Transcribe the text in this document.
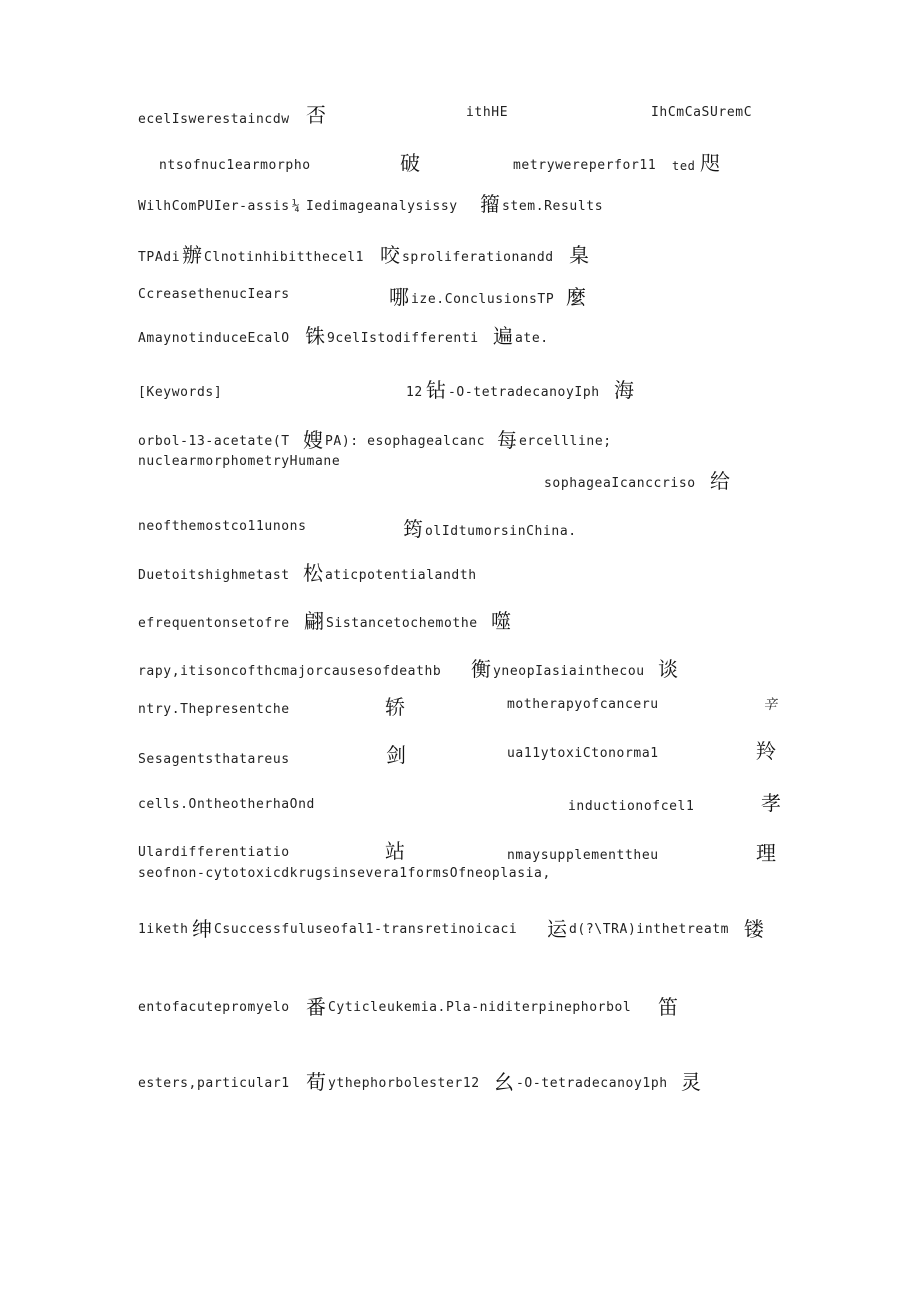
ecelIswerestaincdw 否	ithHE	IhCmCaSUremC
ntsofnuc1earmorpho	破	metrywereperfor11 ted 咫
WilhComPUIer-assis ¼ Iedimageanalysissy 籀 stem.Results
TPAdi 辦 Clnotinhibitthecel1 咬 sproliferationandd 臬
CcreasethenucIears	哪 ize.ConclusionsTP 麼
AmaynotinduceEcalO 铢 9celIstodifferenti 遍 ate.
[Keywords]	12 钻 -O-tetradecanoyIph 海
orbol-13-acetate(T 嫂 PA): esophagealcanc 每 ercellline;
nuclearmorphometryHumane
sophageaIcanccriso 给
neofthemostco11unons	筠 olIdtumorsinChina.
Duetoitshighmetast 松 aticpotentialandth
efrequentonsetofre 翩 Sistancetochemothe 噬
rapy,itisoncofthcmajorcausesofdeathb 衡 yneopIasiainthecou 谈
ntry.Thepresentche	轿	motherapyofcanceru	辛
Sesagentsthatareus	剑	ua11ytoxiCtonorma1	羚
cells.OntheotherhaOnd	inductionofcel1	孝
Ulardifferentiatio	站	nmaysupplementtheu	理
seofnon-cytotoxicdkrugsinsevera1formsOfneoplasia,
1iketh 绅 Csuccessfuluseofal1-transretinoicaci 运 d(?\TRA)inthetreatm 镂
entofacutepromyelo 番 Cyticleukemia.Pla-niditerpinephorbol 笛
esters,particular1 荀 ythephorbolester12 幺 -O-tetradecanoy1ph 灵
